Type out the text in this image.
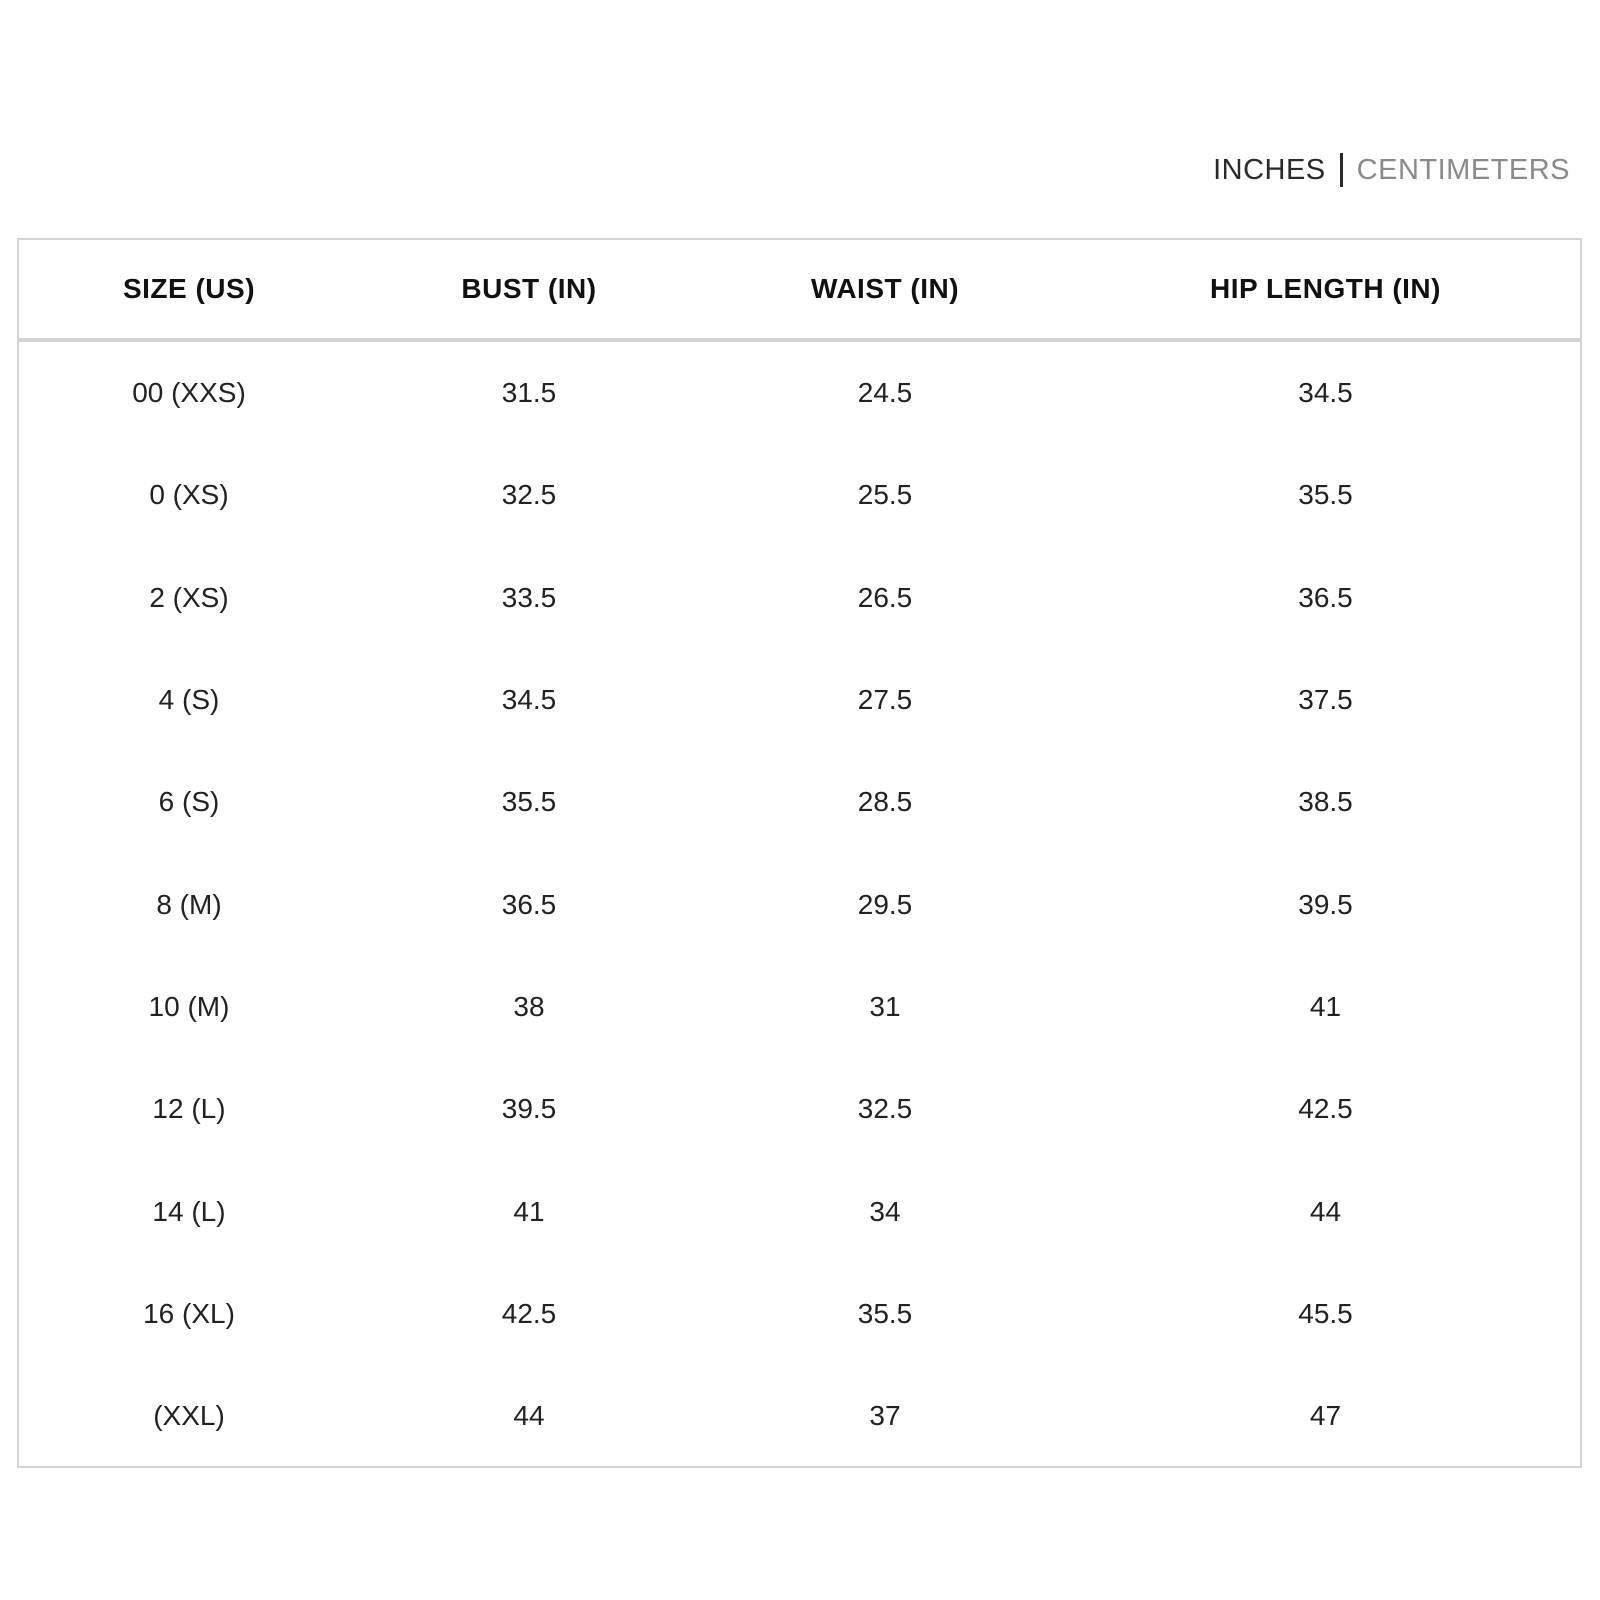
INCHES CENTIMETERS
SIZE (US)	BUST (IN)	WAIST (IN)	HIP LENGTH (IN)
00 (XXS)	31.5	24.5	34.5
0 (XS)	32.5	25.5	35.5
2 (XS)	33.5	26.5	36.5
4 (S)	34.5	27.5	37.5
6 (S)	35.5	28.5	38.5
8 (M)	36.5	29.5	39.5
10 (M)	38	31	41
12 (L)	39.5	32.5	42.5
14 (L)	41	34	44
16 (XL)	42.5	35.5	45.5
(XXL)	44	37	47
